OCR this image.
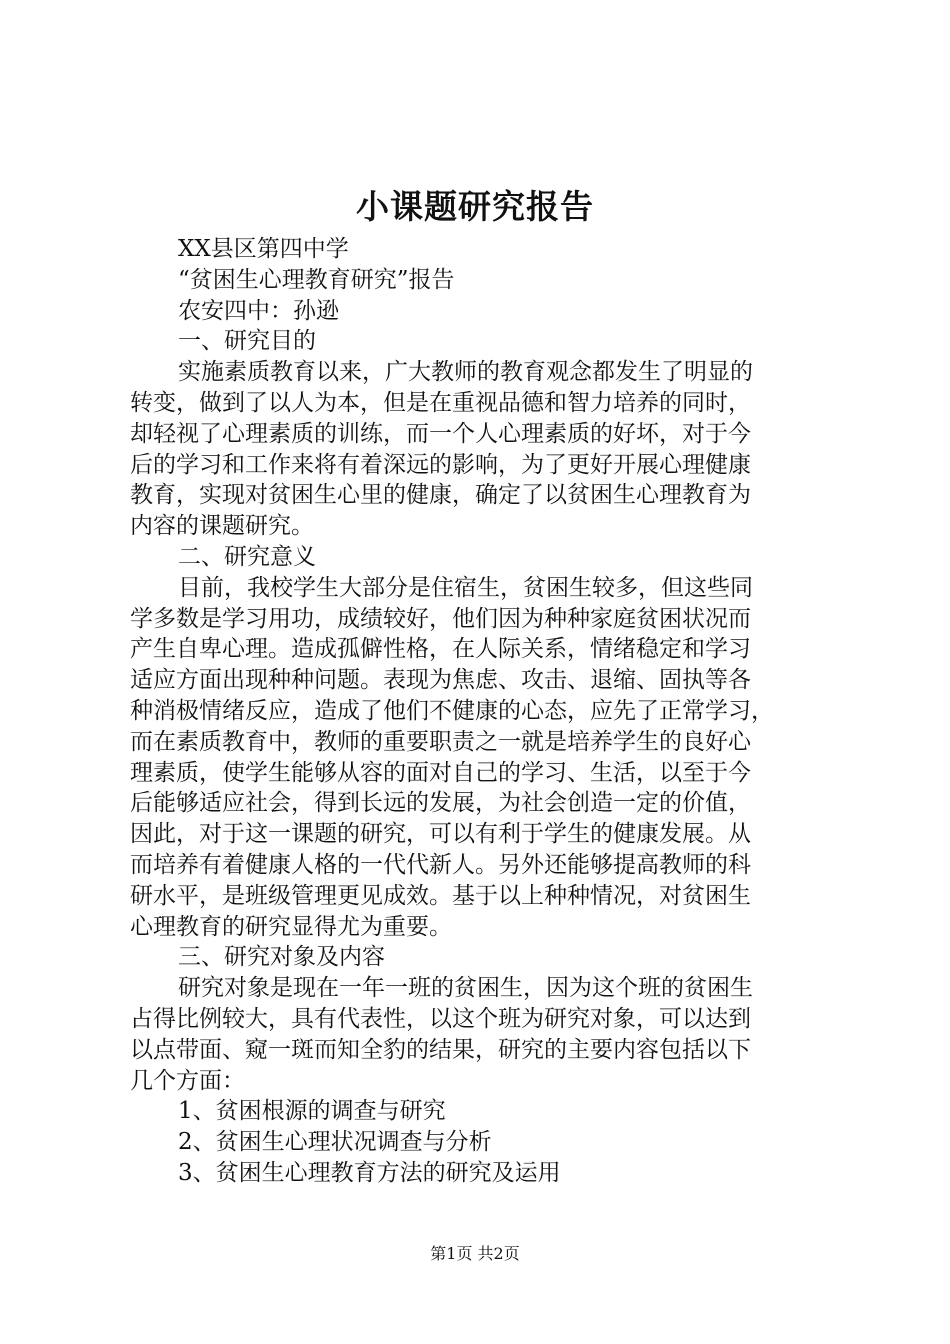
小课题研究报告
XX县区第四中学
“贫困生心理教育研究”报告
农安四中：孙逊
一、研究目的
实施素质教育以来，广大教师的教育观念都发生了明显的
转变，做到了以人为本，但是在重视品德和智力培养的同时，
却轻视了心理素质的训练，而一个人心理素质的好坏，对于今
后的学习和工作来将有着深远的影响，为了更好开展心理健康
教育，实现对贫困生心里的健康，确定了以贫困生心理教育为
内容的课题研究。
二、研究意义
目前，我校学生大部分是住宿生，贫困生较多，但这些同
学多数是学习用功，成绩较好，他们因为种种家庭贫困状况而
产生自卑心理。造成孤僻性格，在人际关系，情绪稳定和学习
适应方面出现种种问题。表现为焦虑、攻击、退缩、固执等各
种消极情绪反应，造成了他们不健康的心态，应先了正常学习，
而在素质教育中，教师的重要职责之一就是培养学生的良好心
理素质，使学生能够从容的面对自己的学习、生活，以至于今
后能够适应社会，得到长远的发展，为社会创造一定的价值，
因此，对于这一课题的研究，可以有利于学生的健康发展。从
而培养有着健康人格的一代代新人。另外还能够提高教师的科
研水平，是班级管理更见成效。基于以上种种情况，对贫困生
心理教育的研究显得尤为重要。
三、研究对象及内容
研究对象是现在一年一班的贫困生，因为这个班的贫困生
占得比例较大，具有代表性，以这个班为研究对象，可以达到
以点带面、窥一斑而知全豹的结果，研究的主要内容包括以下
几个方面：
1、贫困根源的调查与研究
2、贫困生心理状况调查与分析
3、贫困生心理教育方法的研究及运用
第1页 共2页
